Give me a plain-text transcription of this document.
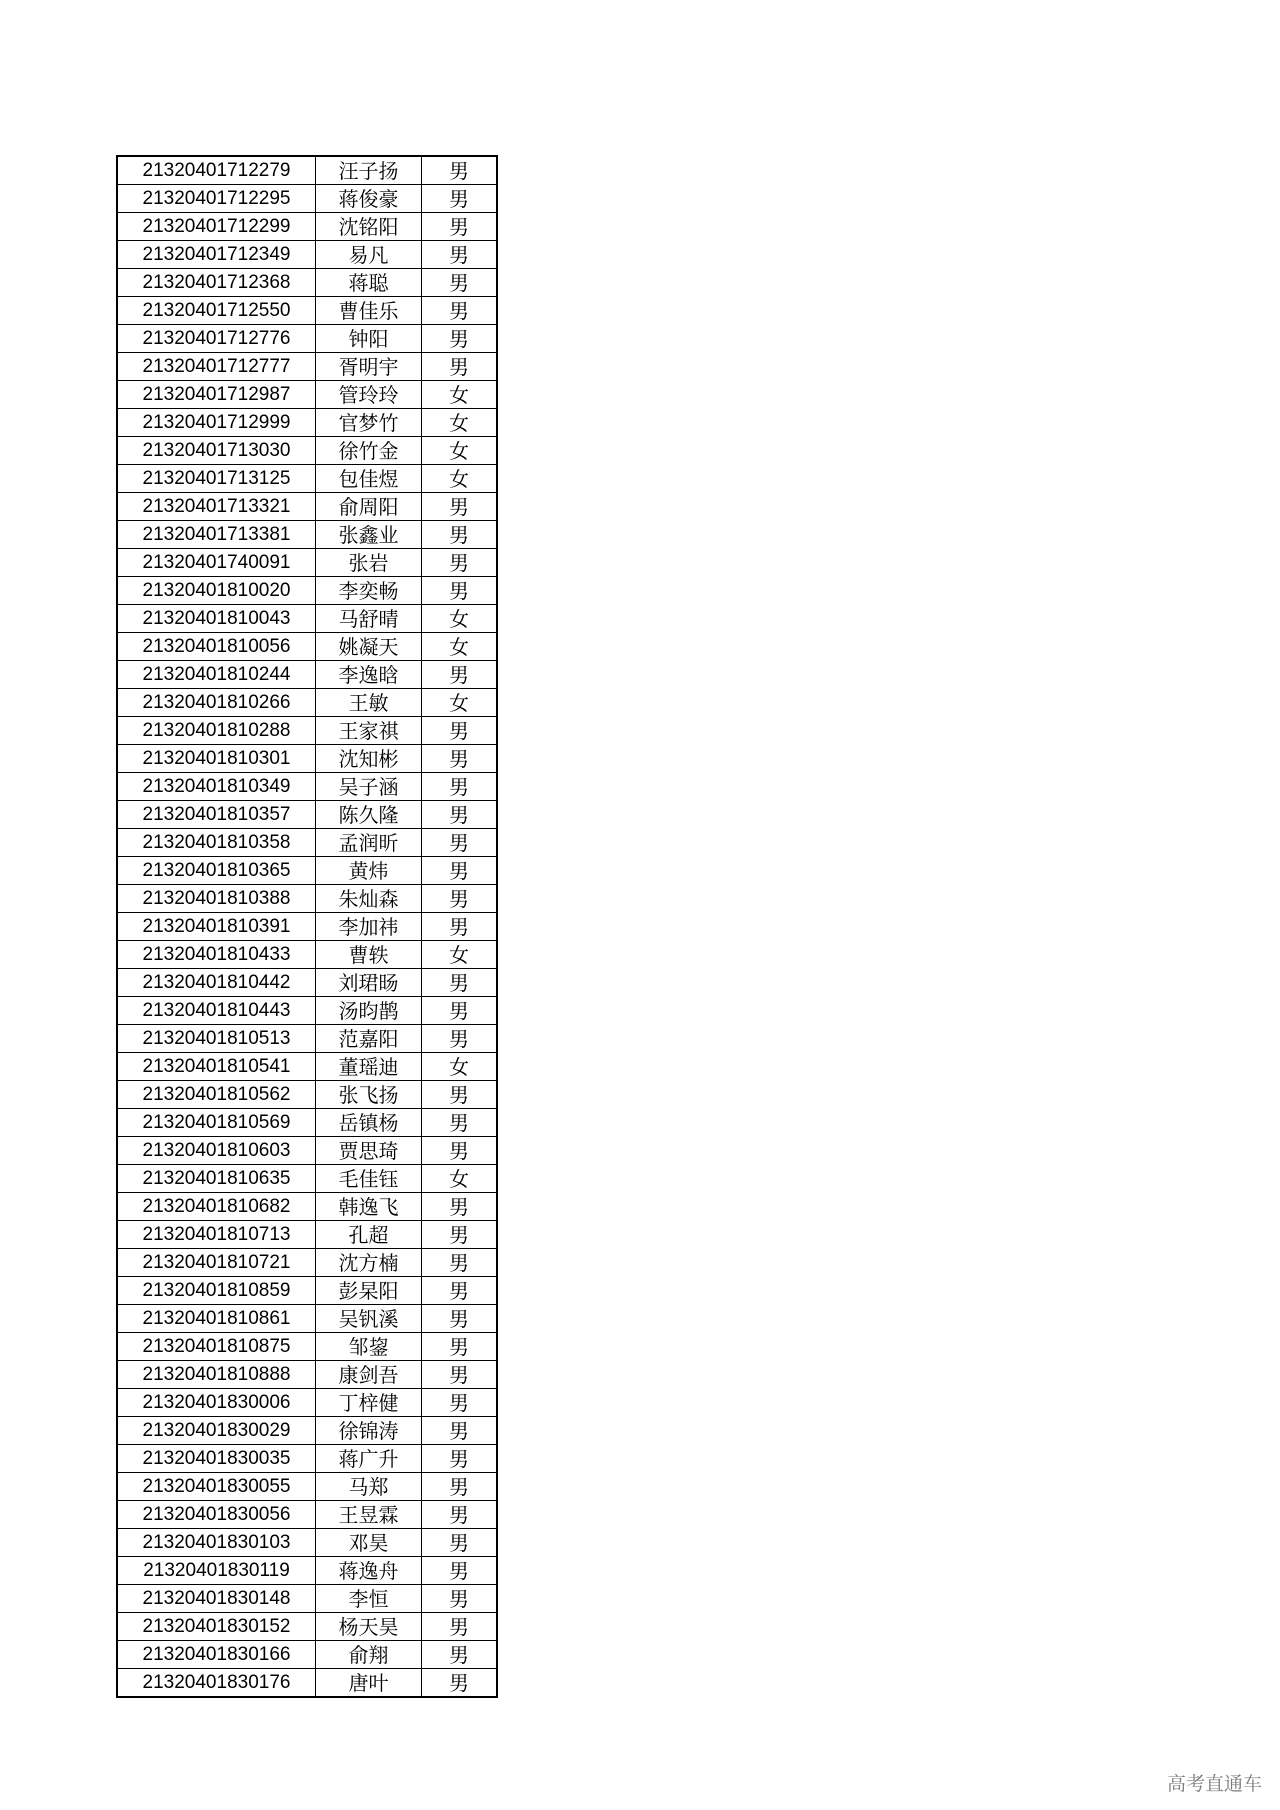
21320401712279	汪子扬	男
21320401712295	蒋俊豪	男
21320401712299	沈铭阳	男
21320401712349	易凡	男
21320401712368	蒋聪	男
21320401712550	曹佳乐	男
21320401712776	钟阳	男
21320401712777	胥明宇	男
21320401712987	管玲玲	女
21320401712999	官梦竹	女
21320401713030	徐竹金	女
21320401713125	包佳煜	女
21320401713321	俞周阳	男
21320401713381	张鑫业	男
21320401740091	张岩	男
21320401810020	李奕畅	男
21320401810043	马舒晴	女
21320401810056	姚凝天	女
21320401810244	李逸晗	男
21320401810266	王敏	女
21320401810288	王家祺	男
21320401810301	沈知彬	男
21320401810349	吴子涵	男
21320401810357	陈久隆	男
21320401810358	孟润昕	男
21320401810365	黄炜	男
21320401810388	朱灿森	男
21320401810391	李加祎	男
21320401810433	曹轶	女
21320401810442	刘珺旸	男
21320401810443	汤昀鹊	男
21320401810513	范嘉阳	男
21320401810541	董瑶迪	女
21320401810562	张飞扬	男
21320401810569	岳镇杨	男
21320401810603	贾思琦	男
21320401810635	毛佳钰	女
21320401810682	韩逸飞	男
21320401810713	孔超	男
21320401810721	沈方楠	男
21320401810859	彭杲阳	男
21320401810861	吴钒溪	男
21320401810875	邹鋆	男
21320401810888	康剑吾	男
21320401830006	丁梓健	男
21320401830029	徐锦涛	男
21320401830035	蒋广升	男
21320401830055	马郑	男
21320401830056	王昱霖	男
21320401830103	邓昊	男
21320401830119	蒋逸舟	男
21320401830148	李恒	男
21320401830152	杨天昊	男
21320401830166	俞翔	男
21320401830176	唐叶	男
高考直通车
